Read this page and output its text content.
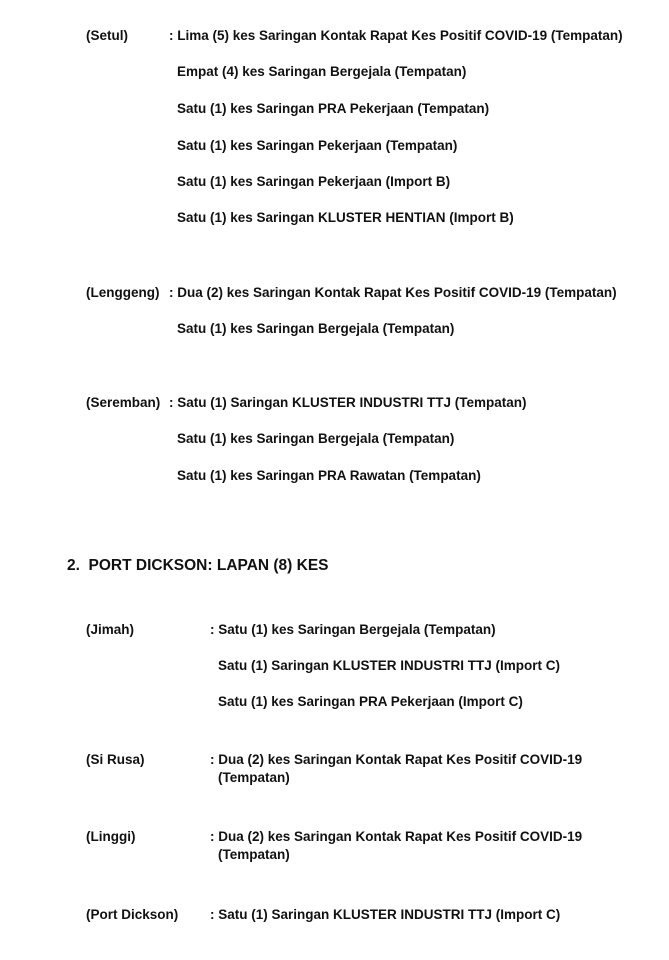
(Setul)	: Lima (5) kes Saringan Kontak Rapat Kes Positif COVID-19 (Tempatan)
Empat (4) kes Saringan Bergejala (Tempatan)
Satu (1) kes Saringan PRA Pekerjaan (Tempatan)
Satu (1) kes Saringan Pekerjaan (Tempatan)
Satu (1) kes Saringan Pekerjaan (Import B)
Satu (1) kes Saringan KLUSTER HENTIAN (Import B)
(Lenggeng) : Dua (2) kes Saringan Kontak Rapat Kes Positif COVID-19 (Tempatan)
Satu (1) kes Saringan Bergejala (Tempatan)
(Seremban) : Satu (1) Saringan KLUSTER INDUSTRI TTJ (Tempatan)
Satu (1) kes Saringan Bergejala (Tempatan)
Satu (1) kes Saringan PRA Rawatan (Tempatan)
2.  PORT DICKSON: LAPAN (8) KES
(Jimah)	: Satu (1) kes Saringan Bergejala (Tempatan)
Satu (1) Saringan KLUSTER INDUSTRI TTJ (Import C)
Satu (1) kes Saringan PRA Pekerjaan (Import C)
(Si Rusa)	: Dua (2) kes Saringan Kontak Rapat Kes Positif COVID-19
(Tempatan)
(Linggi)	: Dua (2) kes Saringan Kontak Rapat Kes Positif COVID-19
(Tempatan)
(Port Dickson) : Satu (1) Saringan KLUSTER INDUSTRI TTJ (Import C)
